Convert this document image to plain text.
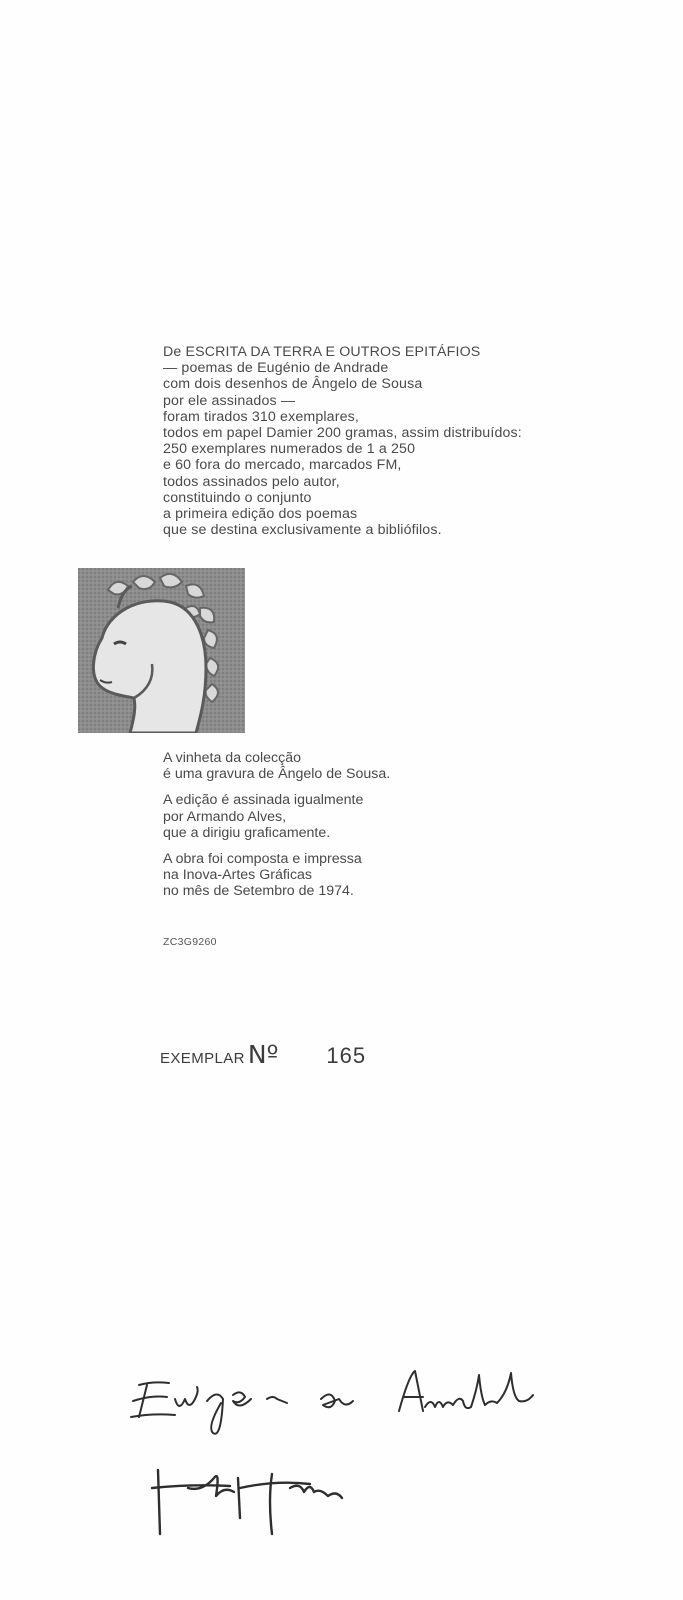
De ESCRITA DA TERRA E OUTROS EPITÁFIOS
— poemas de Eugénio de Andrade
com dois desenhos de Ângelo de Sousa
por ele assinados —
foram tirados 310 exemplares,
todos em papel Damier 200 gramas, assim distribuídos:
250 exemplares numerados de 1 a 250
e 60 fora do mercado, marcados FM,
todos assinados pelo autor,
constituindo o conjunto
a primeira edição dos poemas
que se destina exclusivamente a bibliófilos.
A vinheta da colecção
é uma gravura de Ângelo de Sousa.
A edição é assinada igualmente
por Armando Alves,
que a dirigiu graficamente.
A obra foi composta e impressa
na Inova-Artes Gráficas
no mês de Setembro de 1974.
ZC3G9260
EXEMPLAR Nº 165
